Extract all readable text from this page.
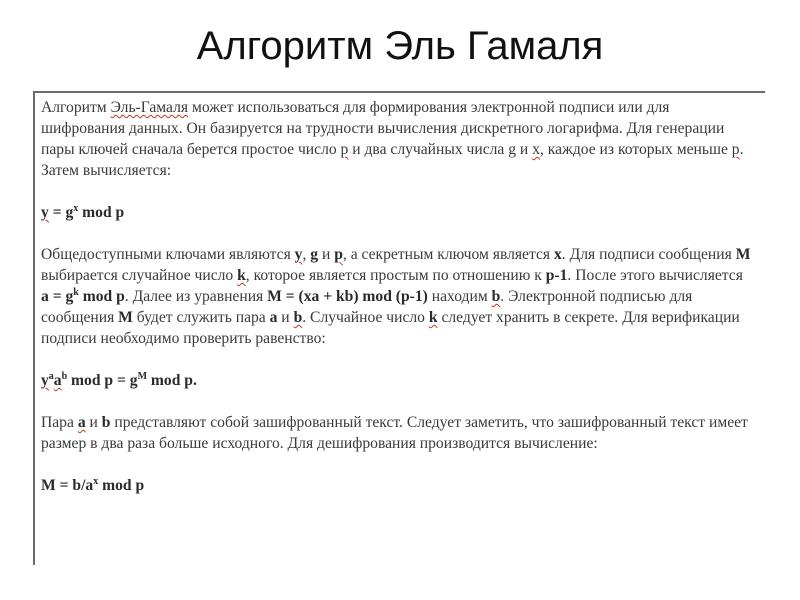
Алгоритм Эль Гамаля

Алгоритм Эль-Гамаля может использоваться для формирования электронной подписи или для шифрования данных. Он базируется на трудности вычисления дискретного логарифма. Для генерации пары ключей сначала берется простое число p и два случайных числа g и x, каждое из которых меньше p. Затем вычисляется:

$y = g^x$ mod p

Общедоступными ключами являются y, g и p, а секретным ключом является x. Для подписи сообщения M выбирается случайное число k, которое является простым по отношению к p-1. После этого вычисляется $a = g^k$ mod p. Далее из уравнения M = (xa + kb) mod (p-1) находим b. Электронной подписью для сообщения M будет служить пара a и b. Случайное число k следует хранить в секрете. Для верификации подписи необходимо проверить равенство:

$y^aa^b$ mod $p = g^M$ mod p.

Пара a и b представляют собой зашифрованный текст. Следует заметить, что зашифрованный текст имеет размер в два раза больше исходного. Для дешифрования производится вычисление:

$M = b/a^x$ mod p
